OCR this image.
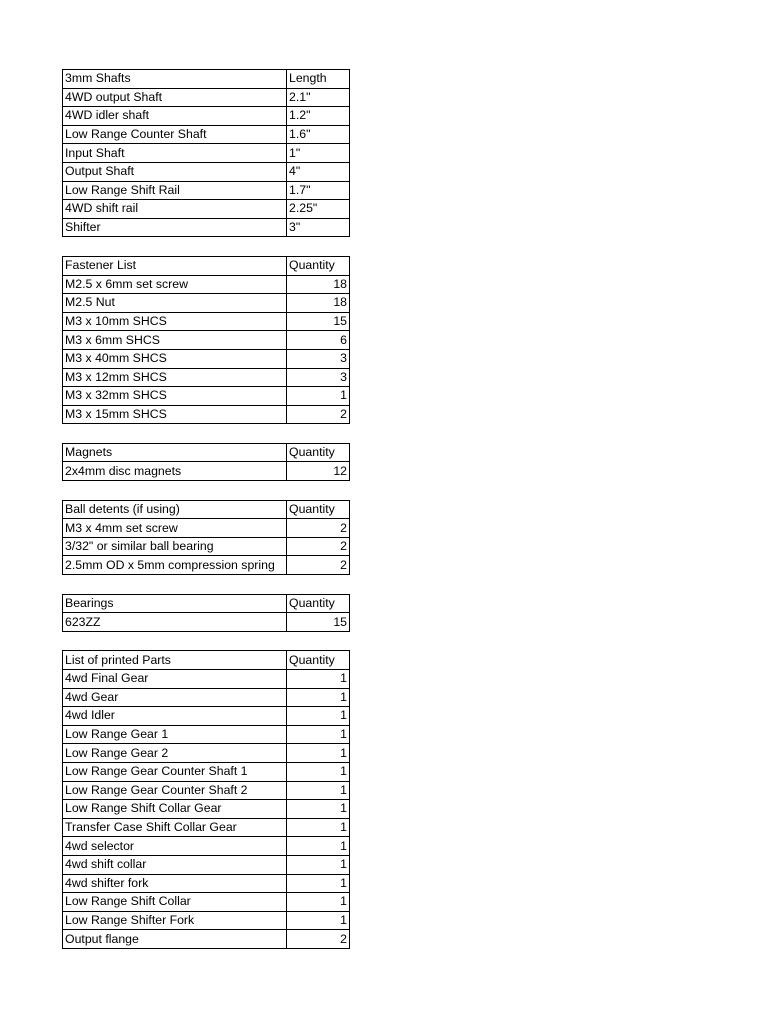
3mm Shafts	Length
4WD output Shaft	2.1"
4WD idler shaft	1.2"
Low Range Counter Shaft	1.6"
Input Shaft	1"
Output Shaft	4"
Low Range Shift Rail	1.7"
4WD shift rail	2.25"
Shifter	3"
Fastener List	Quantity
M2.5 x 6mm set screw	18
M2.5 Nut	18
M3 x 10mm SHCS	15
M3 x 6mm SHCS	6
M3 x 40mm SHCS	3
M3 x 12mm SHCS	3
M3 x 32mm SHCS	1
M3 x 15mm SHCS	2
Magnets	Quantity
2x4mm disc magnets	12
Ball detents (if using)	Quantity
M3 x 4mm set screw	2
3/32" or similar ball bearing	2
2.5mm OD x 5mm compression spring	2
Bearings	Quantity
623ZZ	15
List of printed Parts	Quantity
4wd Final Gear	1
4wd Gear	1
4wd Idler	1
Low Range Gear 1	1
Low Range Gear 2	1
Low Range Gear Counter Shaft 1	1
Low Range Gear Counter Shaft 2	1
Low Range Shift Collar Gear	1
Transfer Case Shift Collar Gear	1
4wd selector	1
4wd shift collar	1
4wd shifter fork	1
Low Range Shift Collar	1
Low Range Shifter Fork	1
Output flange	2
